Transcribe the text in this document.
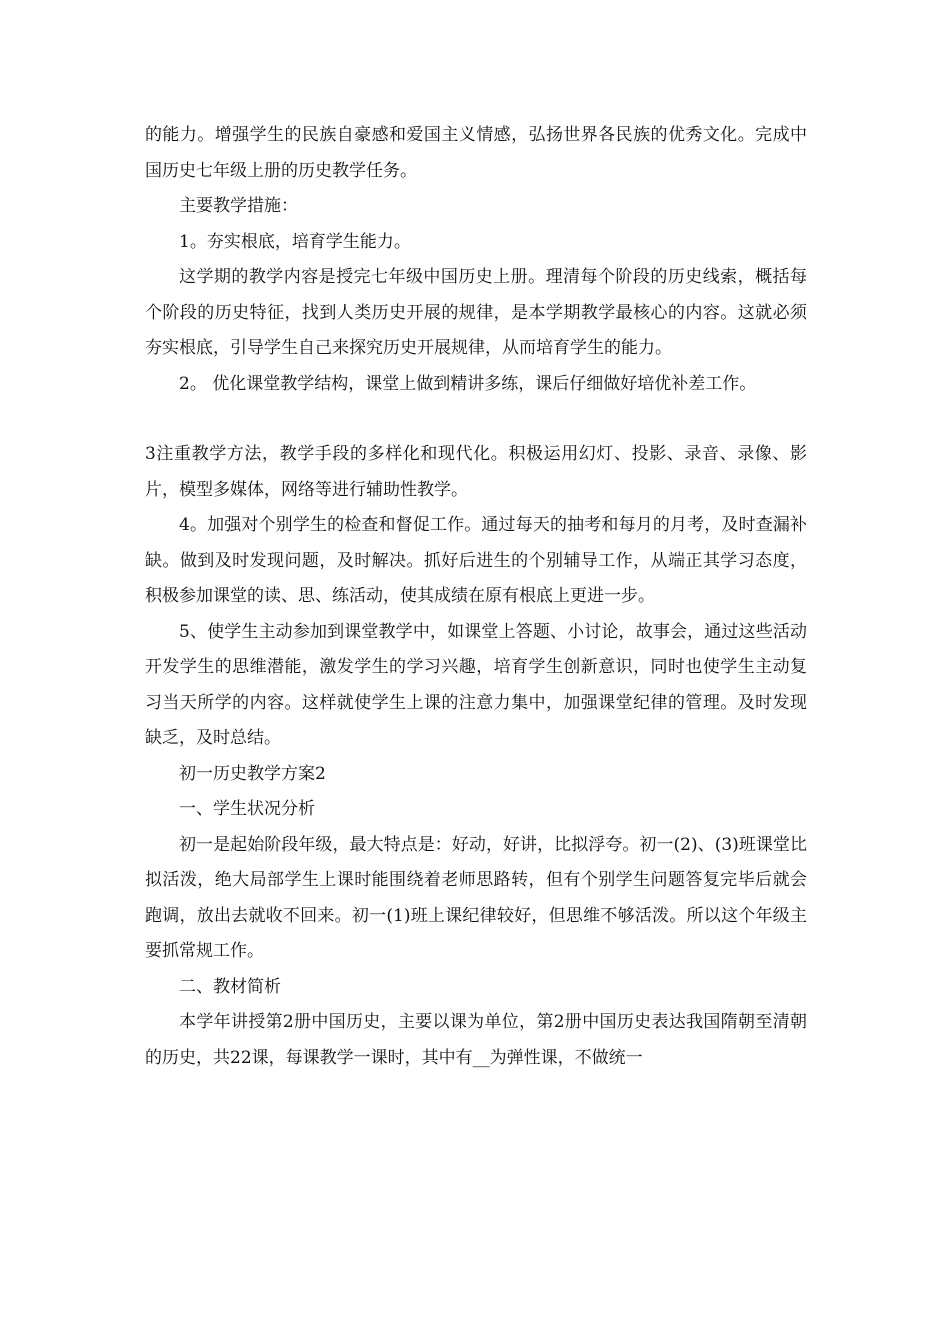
的能力。增强学生的民族自豪感和爱国主义情感，弘扬世界各民族的优秀文化。完成中国历史七年级上册的历史教学任务。

主要教学措施：

1。夯实根底，培育学生能力。

这学期的教学内容是授完七年级中国历史上册。理清每个阶段的历史线索，概括每个阶段的历史特征，找到人类历史开展的规律，是本学期教学最核心的内容。这就必须夯实根底，引导学生自己来探究历史开展规律，从而培育学生的能力。

2。 优化课堂教学结构，课堂上做到精讲多练，课后仔细做好培优补差工作。

3注重教学方法，教学手段的多样化和现代化。积极运用幻灯、投影、录音、录像、影片，模型多媒体，网络等进行辅助性教学。

4。加强对个别学生的检查和督促工作。通过每天的抽考和每月的月考，及时查漏补缺。做到及时发现问题，及时解决。抓好后进生的个别辅导工作，从端正其学习态度，积极参加课堂的读、思、练活动，使其成绩在原有根底上更进一步。

5、使学生主动参加到课堂教学中，如课堂上答题、小讨论，故事会，通过这些活动开发学生的思维潜能，激发学生的学习兴趣，培育学生创新意识，同时也使学生主动复习当天所学的内容。这样就使学生上课的注意力集中，加强课堂纪律的管理。及时发现缺乏，及时总结。

初一历史教学方案2

一、学生状况分析

初一是起始阶段年级，最大特点是：好动，好讲，比拟浮夸。初一(2)、(3)班课堂比拟活泼，绝大局部学生上课时能围绕着老师思路转，但有个别学生问题答复完毕后就会跑调，放出去就收不回来。初一(1)班上课纪律较好，但思维不够活泼。所以这个年级主要抓常规工作。

二、教材简析

本学年讲授第2册中国历史，主要以课为单位，第2册中国历史表达我国隋朝至清朝的历史，共22课，每课教学一课时，其中有__为弹性课，不做统一
